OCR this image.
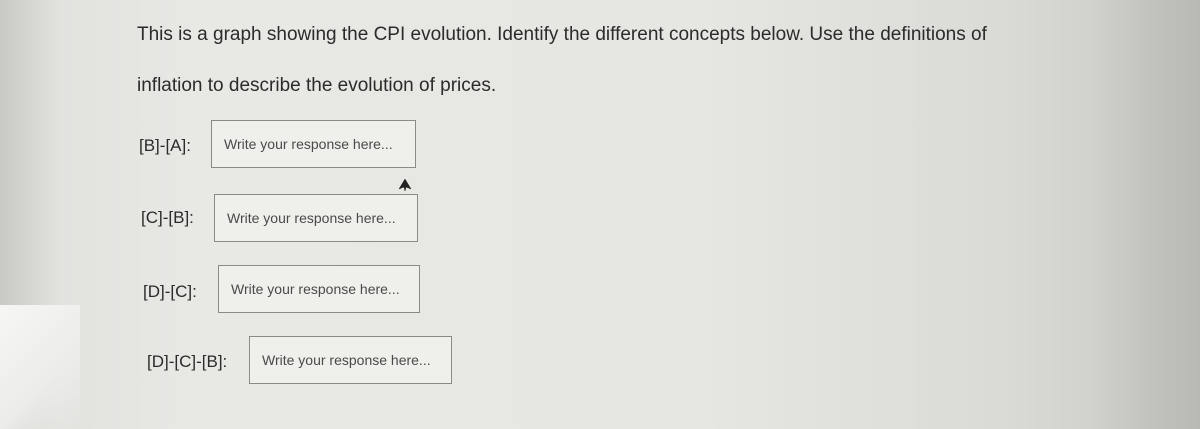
This is a graph showing the CPI evolution. Identify the different concepts below. Use the definitions of
inflation to describe the evolution of prices.
[B]-[A]:	Write your response here...
[C]-[B]:	Write your response here...
[D]-[C]:	Write your response here...
[D]-[C]-[B]:	Write your response here...
